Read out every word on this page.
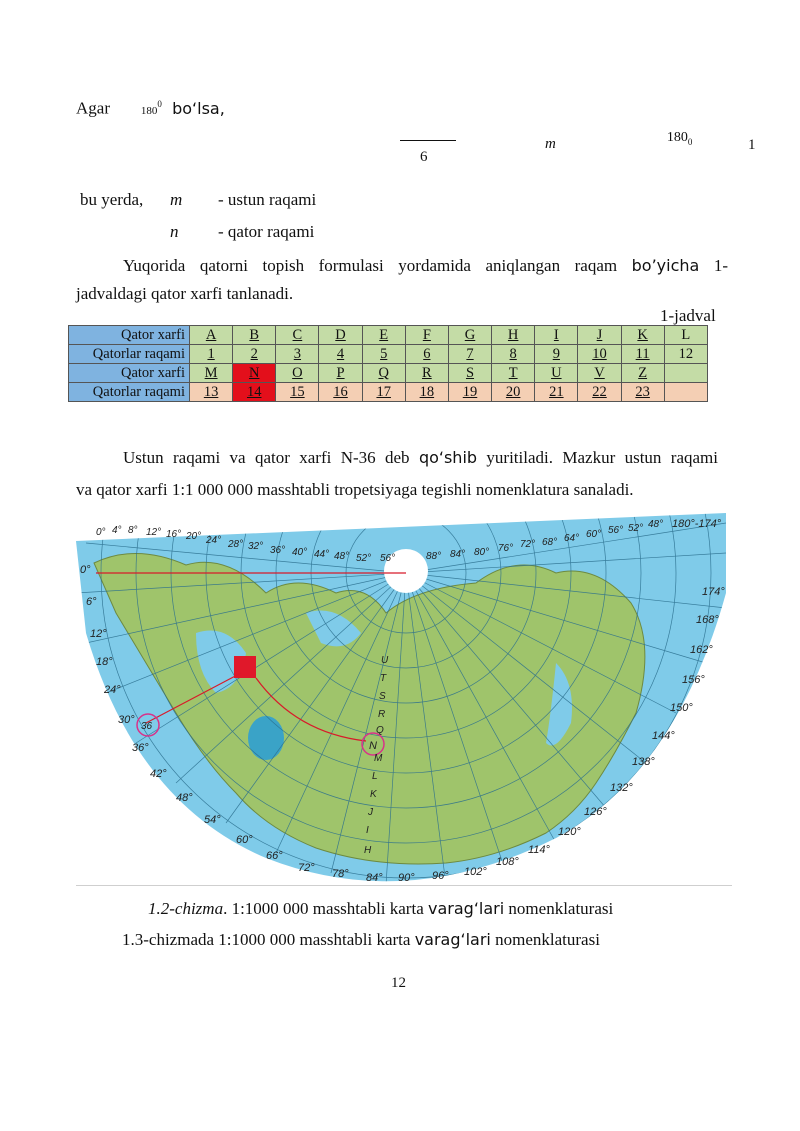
Agar     $180^0$ bo‘lsa,
6
m  
 	$ 180_0$
  1
bu yerda, m - ustun raqami
n - qator raqami
Yuqorida qatorni topish formulasi yordamida aniqlangan raqam bo’yicha 1-
jadvaldagi qator xarfi tanlanadi.
1-jadval
Qator xarfi	A	B	C	D	E	F	G	H	I	J	K	L
Qatorlar raqami	1	2	3	4	5	6	7	8	9	10	11	12
Qator xarfi	M	N	O	P	Q	R	S	T	U	V	Z	
Qatorlar raqami	13	14	15	16	17	18	19	20	21	22	23	
Ustun raqami va qator xarfi N-36 deb qo‘shib yuritiladi. Mazkur ustun raqami
va qator xarfi 1:1 000 000 masshtabli tropetsiyaga tegishli nomenklatura sanaladi.
N
36
0°
6°
12°
18°
24°
30°
36°
42°
48°
54°
60°
66°
72° 78° 84° 90° 96° 102°
108°
114°
120°
126°
132°
138°
144°
150°
156°
162°
168°
174°
180°-174°
0° 4° 8° 12° 16° 20° 24° 28° 32° 36° 40° 44° 48° 52° 56°	88° 84° 80° 76° 72° 68° 64° 60° 56° 52° 48°
U
T
S
R
Q
M
L
K
J
I
H
1.2-chizma. 1:1000 000 masshtabli karta varag‘lari nomenklaturasi
1.3-chizmada 1:1000 000 masshtabli karta varag‘lari nomenklaturasi
12
